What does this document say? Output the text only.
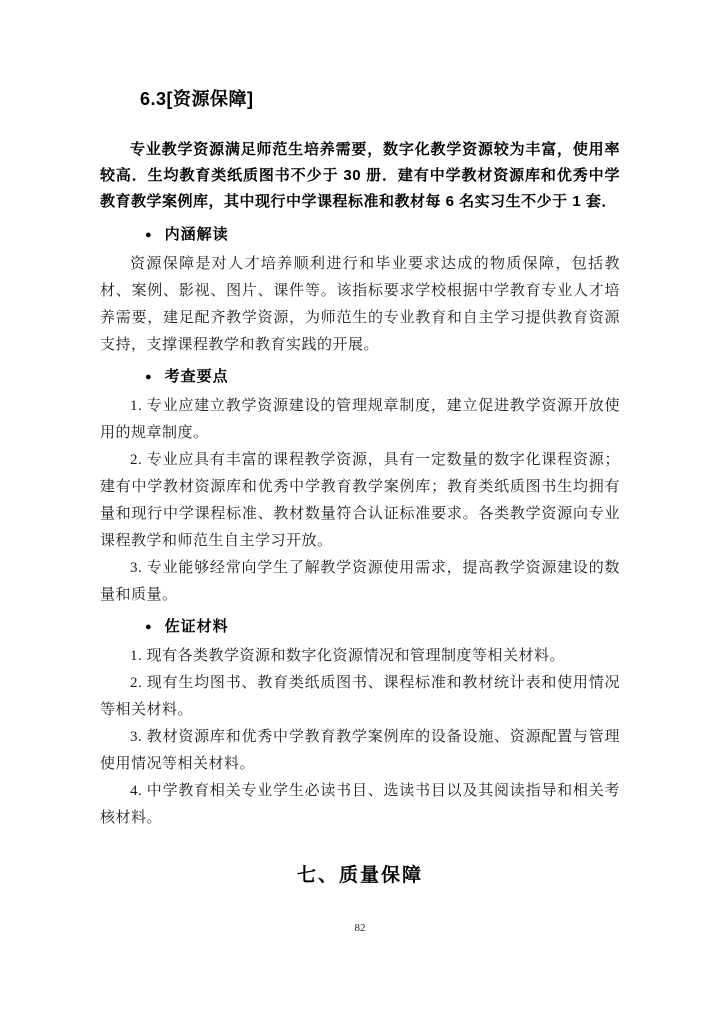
6.3[资源保障]

专业教学资源满足师范生培养需要，数字化教学资源较为丰富，使用率较高．生均教育类纸质图书不少于 30 册．建有中学教材资源库和优秀中学教育教学案例库，其中现行中学课程标准和教材每 6 名实习生不少于 1 套．

● 内涵解读

资源保障是对人才培养顺利进行和毕业要求达成的物质保障，包括教材、案例、影视、图片、课件等。该指标要求学校根据中学教育专业人才培养需要，建足配齐教学资源，为师范生的专业教育和自主学习提供教育资源支持，支撑课程教学和教育实践的开展。

● 考查要点

1. 专业应建立教学资源建设的管理规章制度，建立促进教学资源开放使用的规章制度。

2. 专业应具有丰富的课程教学资源，具有一定数量的数字化课程资源；建有中学教材资源库和优秀中学教育教学案例库；教育类纸质图书生均拥有量和现行中学课程标准、教材数量符合认证标准要求。各类教学资源向专业课程教学和师范生自主学习开放。

3. 专业能够经常向学生了解教学资源使用需求，提高教学资源建设的数量和质量。

● 佐证材料

1. 现有各类教学资源和数字化资源情况和管理制度等相关材料。

2. 现有生均图书、教育类纸质图书、课程标准和教材统计表和使用情况等相关材料。

3. 教材资源库和优秀中学教育教学案例库的设备设施、资源配置与管理使用情况等相关材料。

4. 中学教育相关专业学生必读书目、选读书目以及其阅读指导和相关考核材料。

七、质量保障
82
